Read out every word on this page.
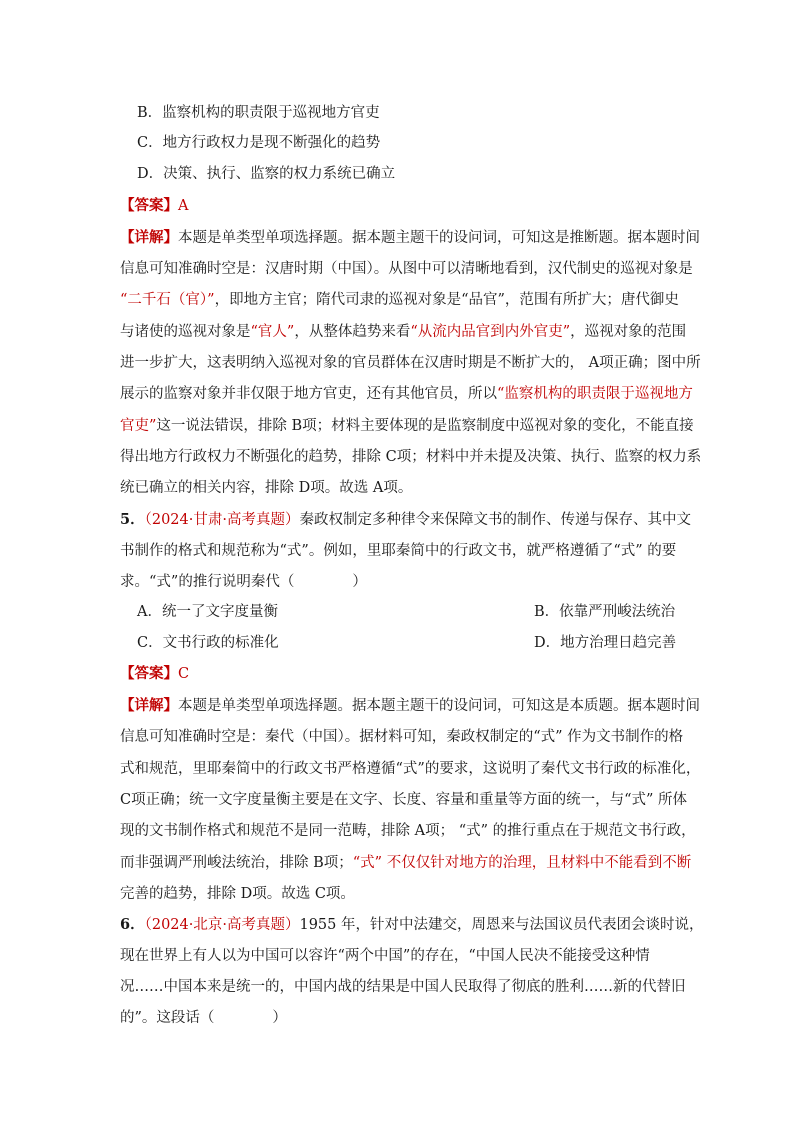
B．监察机构的职责限于巡视地方官吏
C．地方行政权力是现不断强化的趋势
D．决策、执行、监察的权力系统已确立
【答案】A
【详解】本题是单类型单项选择题。据本题主题干的设问词，可知这是推断题。据本题时间
信息可知准确时空是：汉唐时期（中国）。从图中可以清晰地看到，汉代制史的巡视对象是
“二千石（官）”，即地方主官；隋代司隶的巡视对象是“品官”，范围有所扩大；唐代御史
与诸使的巡视对象是“官人”，从整体趋势来看“从流内品官到内外官吏”，巡视对象的范围
进一步扩大，这表明纳入巡视对象的官员群体在汉唐时期是不断扩大的， A项正确；图中所
展示的监察对象并非仅限于地方官吏，还有其他官员，所以“监察机构的职责限于巡视地方
官吏”这一说法错误，排除 B项；材料主要体现的是监察制度中巡视对象的变化，不能直接
得出地方行政权力不断强化的趋势，排除 C项；材料中并未提及决策、执行、监察的权力系
统已确立的相关内容，排除 D项。故选 A项。
5．（2024·甘肃·高考真题）秦政权制定多种律令来保障文书的制作、传递与保存、其中文
书制作的格式和规范称为“式”。例如，里耶秦简中的行政文书，就严格遵循了“式” 的要
求。“式”的推行说明秦代（　　　　）
A．统一了文字度量衡	B．依靠严刑峻法统治
C．文书行政的标准化	D．地方治理日趋完善
【答案】C
【详解】本题是单类型单项选择题。据本题主题干的设问词，可知这是本质题。据本题时间
信息可知准确时空是：秦代（中国）。据材料可知，秦政权制定的“式” 作为文书制作的格
式和规范，里耶秦简中的行政文书严格遵循“式”的要求，这说明了秦代文书行政的标准化，
C项正确；统一文字度量衡主要是在文字、长度、容量和重量等方面的统一，与“式” 所体
现的文书制作格式和规范不是同一范畴，排除 A项； “式” 的推行重点在于规范文书行政，
而非强调严刑峻法统治，排除 B项；“式” 不仅仅针对地方的治理，且材料中不能看到不断
完善的趋势，排除 D项。故选 C项。
6．（2024·北京·高考真题）1955 年，针对中法建交，周恩来与法国议员代表团会谈时说，
现在世界上有人以为中国可以容许“两个中国”的存在，“中国人民决不能接受这种情
况……中国本来是统一的，中国内战的结果是中国人民取得了彻底的胜利……新的代替旧
的”。这段话（　　　　）
